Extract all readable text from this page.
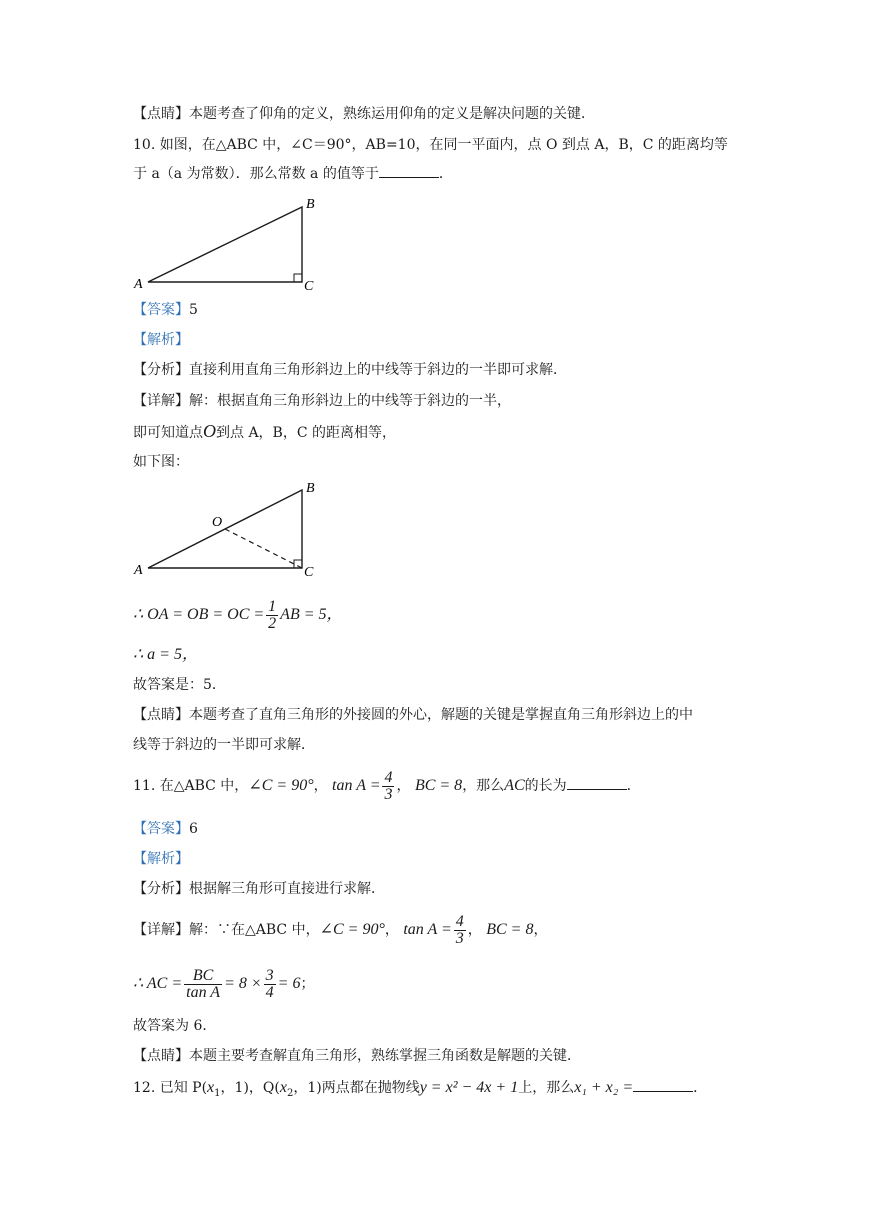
【点睛】本题考查了仰角的定义，熟练运用仰角的定义是解决问题的关键．
10. 如图，在△ABC 中，∠C＝90°，AB=10，在同一平面内，点 O 到点 A，B，C 的距离均等
于 a（a 为常数）．那么常数 a 的值等于	．
A
B
C
【答案】5
【解析】
【分析】直接利用直角三角形斜边上的中线等于斜边的一半即可求解．
【详解】解：根据直角三角形斜边上的中线等于斜边的一半，
即可知道点O到点 A，B，C 的距离相等，
如下图：
A
B
C
O
∴ OA = OB = OC = $\frac{1}{2}$ AB = 5，
∴ a = 5，
故答案是：5．
【点睛】本题考查了直角三角形的外接圆的外心，解题的关键是掌握直角三角形斜边上的中
线等于斜边的一半即可求解．
11. 在△ABC 中，∠C = 90°， $\tan A = \frac{4}{3}$ ， BC = 8，那么AC的长为	．
【答案】6
【解析】
【分析】根据解三角形可直接进行求解．
【详解】解：∵在△ABC 中，∠C = 90°， $\tan A = \frac{4}{3}$ ， BC = 8，
∴ AC = $\frac{BC}{\text{tan A}} = 8 \times \frac{3}{4} = 6$；
故答案为 6．
【点睛】本题主要考查解直角三角形，熟练掌握三角函数是解题的关键．
12. 已知 $P(x_1$，1)，$Q(x_2$，1)两点都在抛物线y = x² − 4x + 1上，那么x₁ + x₂ =	．
